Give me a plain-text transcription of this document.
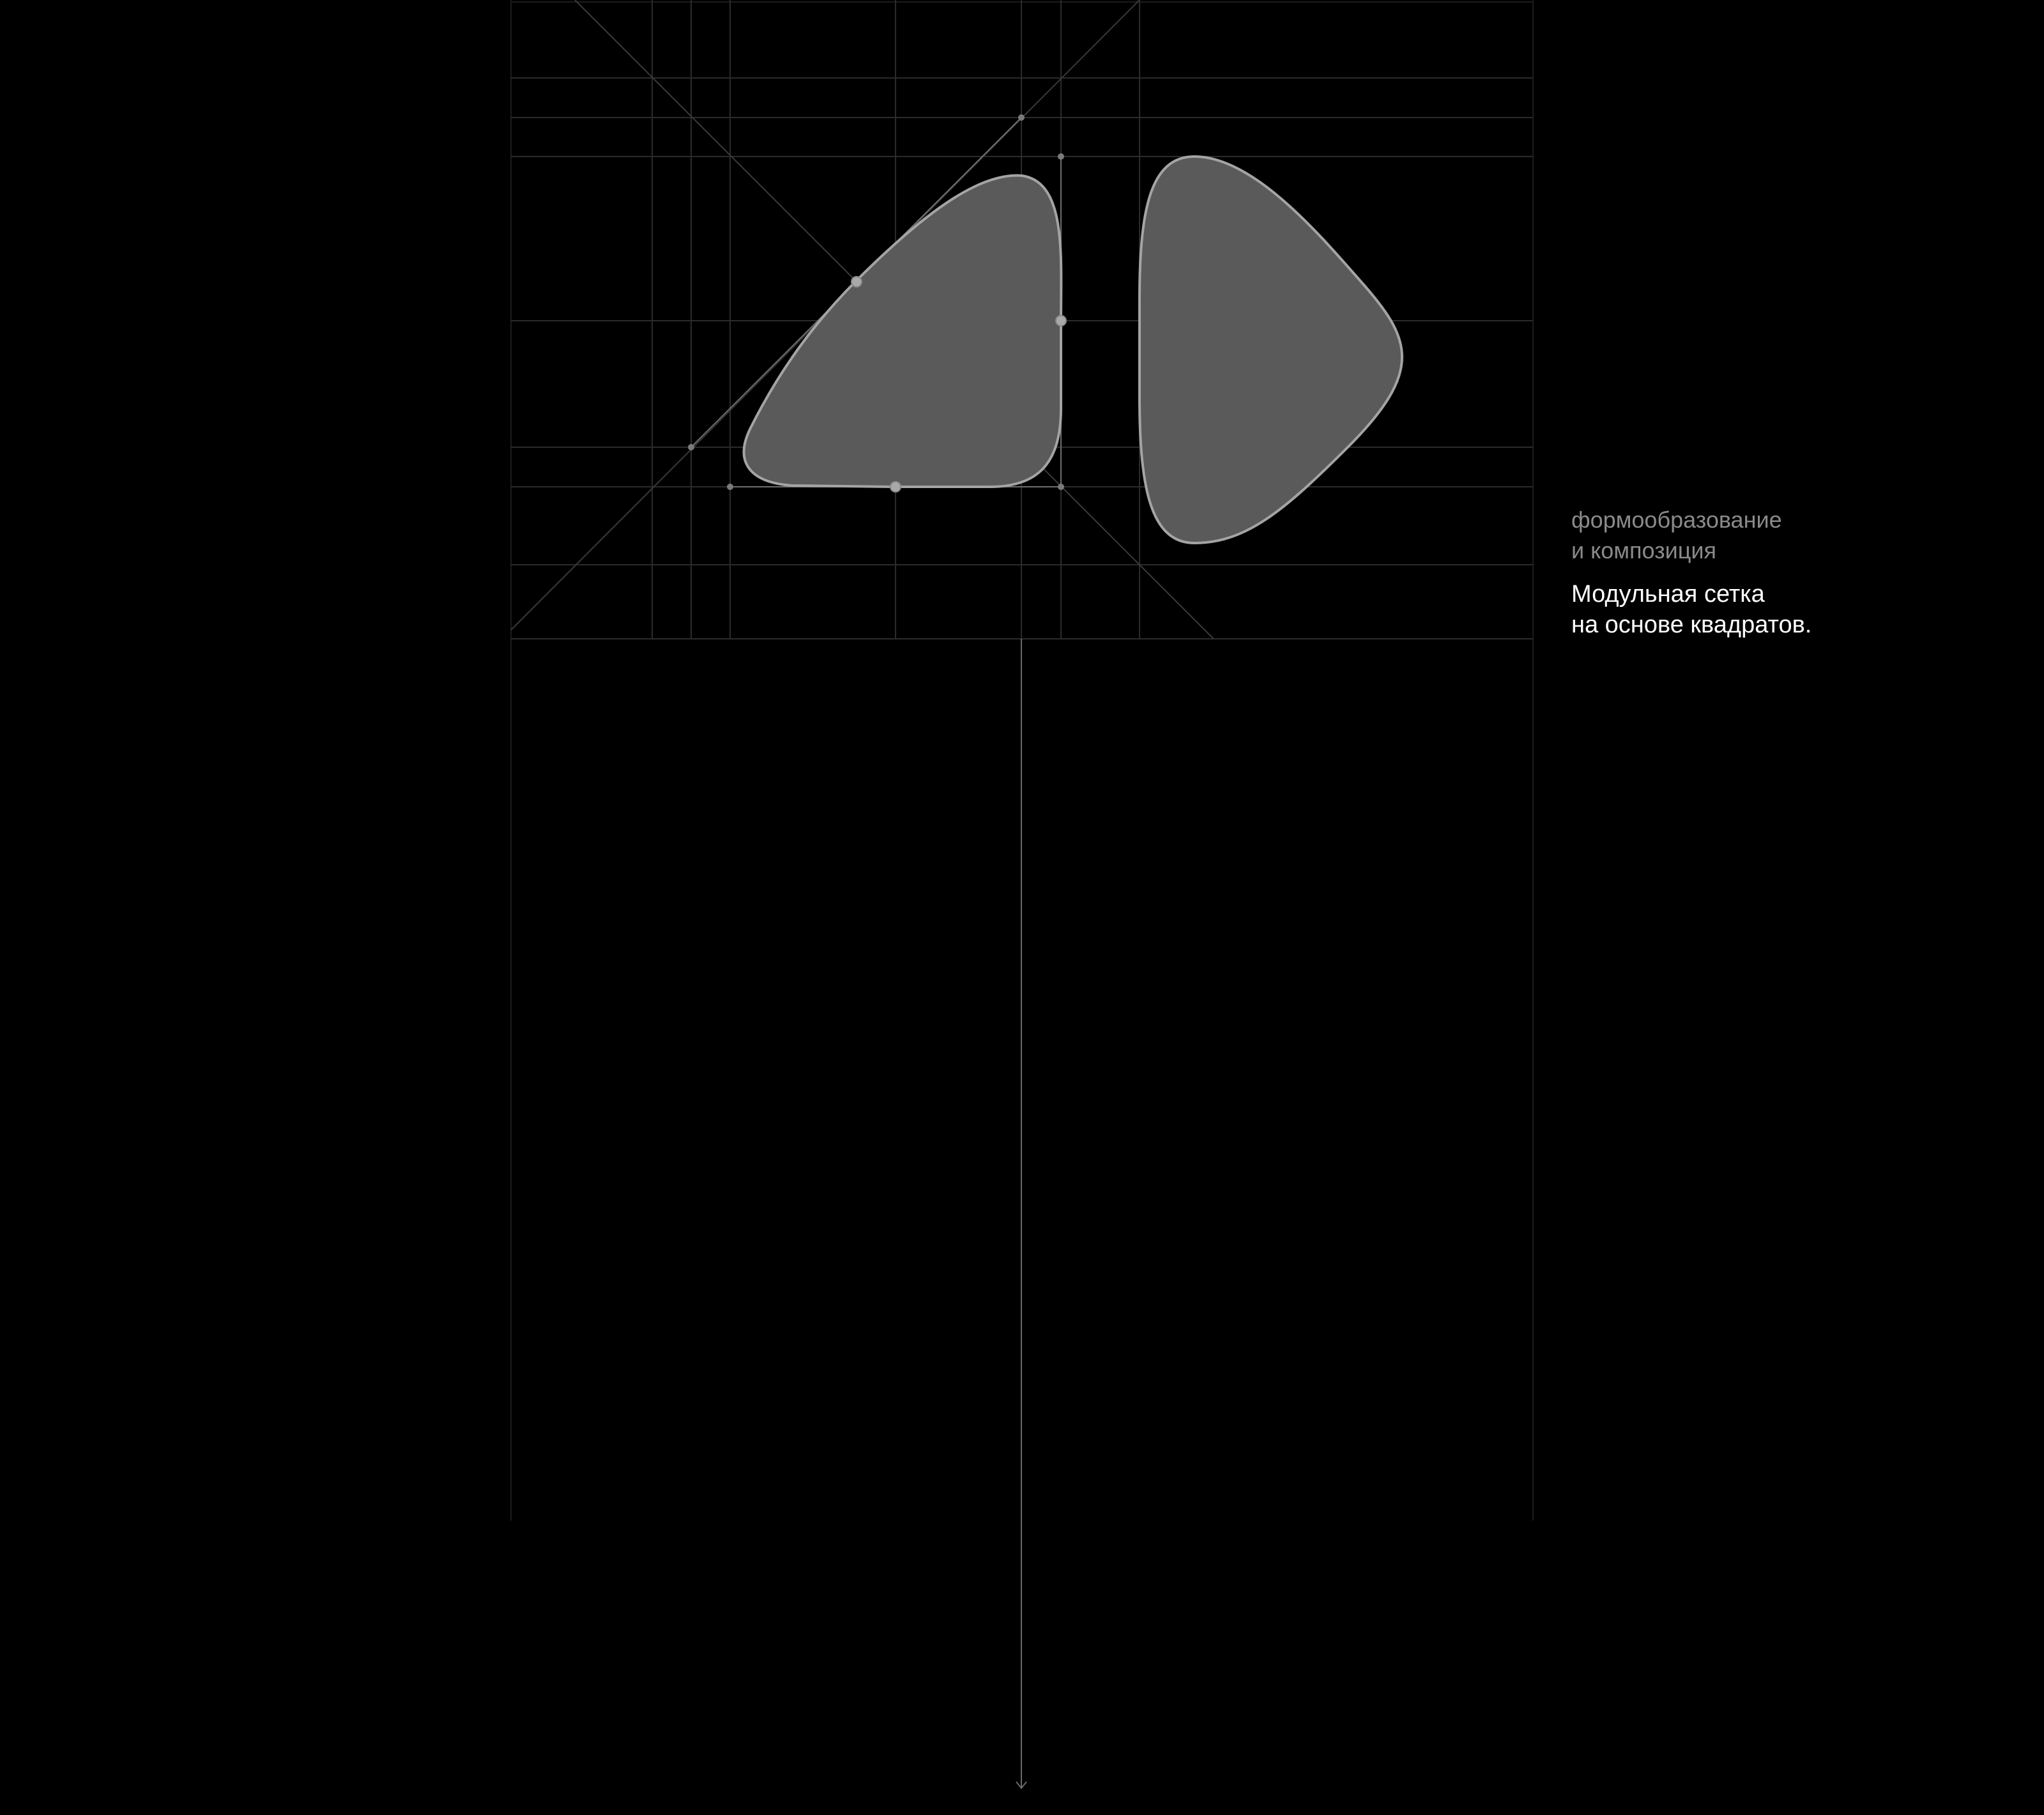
формообразование
и композиция
Модульная сетка
на основе квадратов.
